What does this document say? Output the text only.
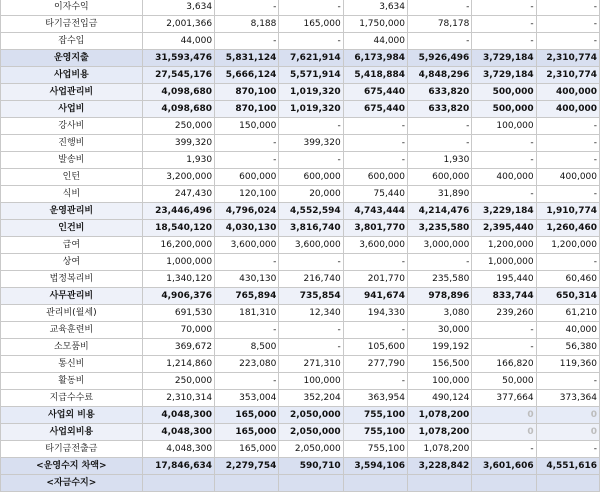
이자수익	3,634	-	-	3,634	-	-	-
타기금전입금	2,001,366	8,188	165,000	1,750,000	78,178	-	-
잡수입	44,000	-	-	44,000	-	-	-
운영지출	31,593,476	5,831,124	7,621,914	6,173,984	5,926,496	3,729,184	2,310,774
사업비용	27,545,176	5,666,124	5,571,914	5,418,884	4,848,296	3,729,184	2,310,774
사업관리비	4,098,680	870,100	1,019,320	675,440	633,820	500,000	400,000
사업비	4,098,680	870,100	1,019,320	675,440	633,820	500,000	400,000
강사비	250,000	150,000	-	-	-	100,000	-
진행비	399,320	-	399,320	-	-	-	-
발송비	1,930	-	-	-	1,930	-	-
인턴	3,200,000	600,000	600,000	600,000	600,000	400,000	400,000
식비	247,430	120,100	20,000	75,440	31,890	-	-
운영관리비	23,446,496	4,796,024	4,552,594	4,743,444	4,214,476	3,229,184	1,910,774
인건비	18,540,120	4,030,130	3,816,740	3,801,770	3,235,580	2,395,440	1,260,460
급여	16,200,000	3,600,000	3,600,000	3,600,000	3,000,000	1,200,000	1,200,000
상여	1,000,000	-	-	-	-	1,000,000	-
법정복리비	1,340,120	430,130	216,740	201,770	235,580	195,440	60,460
사무관리비	4,906,376	765,894	735,854	941,674	978,896	833,744	650,314
관리비(월세)	691,530	181,310	12,340	194,330	3,080	239,260	61,210
교육훈련비	70,000	-	-	-	30,000	-	40,000
소모품비	369,672	8,500	-	105,600	199,192	-	56,380
통신비	1,214,860	223,080	271,310	277,790	156,500	166,820	119,360
활동비	250,000	-	100,000	-	100,000	50,000	-
지급수수료	2,310,314	353,004	352,204	363,954	490,124	377,664	373,364
사업외 비용	4,048,300	165,000	2,050,000	755,100	1,078,200	0	0
사업외비용	4,048,300	165,000	2,050,000	755,100	1,078,200	0	0
타기금전출금	4,048,300	165,000	2,050,000	755,100	1,078,200	-	-
<운영수지 차액>	17,846,634	2,279,754	590,710	3,594,106	3,228,842	3,601,606	4,551,616
<자금수지>							
